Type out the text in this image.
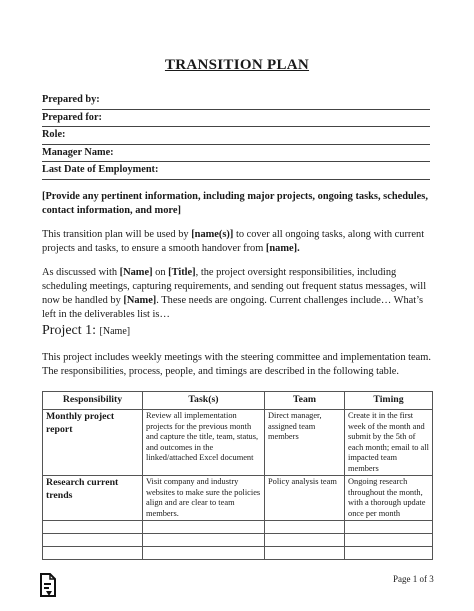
TRANSITION PLAN
Prepared by:
Prepared for:
Role:
Manager Name:
Last Date of Employment:

[Provide any pertinent information, including major projects, ongoing tasks, schedules, contact information, and more]

This transition plan will be used by [name(s)] to cover all ongoing tasks, along with current projects and tasks, to ensure a smooth handover from [name].

As discussed with [Name] on [Title], the project oversight responsibilities, including scheduling meetings, capturing requirements, and sending out frequent status messages, will now be handled by [Name]. These needs are ongoing. Current challenges include… What’s left in the deliverables list is…

Project 1: [Name]

This project includes weekly meetings with the steering committee and implementation team. The responsibilities, process, people, and timings are described in the following table.

Responsibility	Task(s)	Team	Timing
Monthly project report	Review all implementation projects for the previous month and capture the title, team, status, and outcomes in the linked/attached Excel document	Direct manager, assigned team members	Create it in the first week of the month and submit by the 5th of each month; email to all impacted team members
Research current trends	Visit company and industry websites to make sure the policies align and are clear to team members.	Policy analysis team	Ongoing research throughout the month, with a thorough update once per month

Page 1 of 3
